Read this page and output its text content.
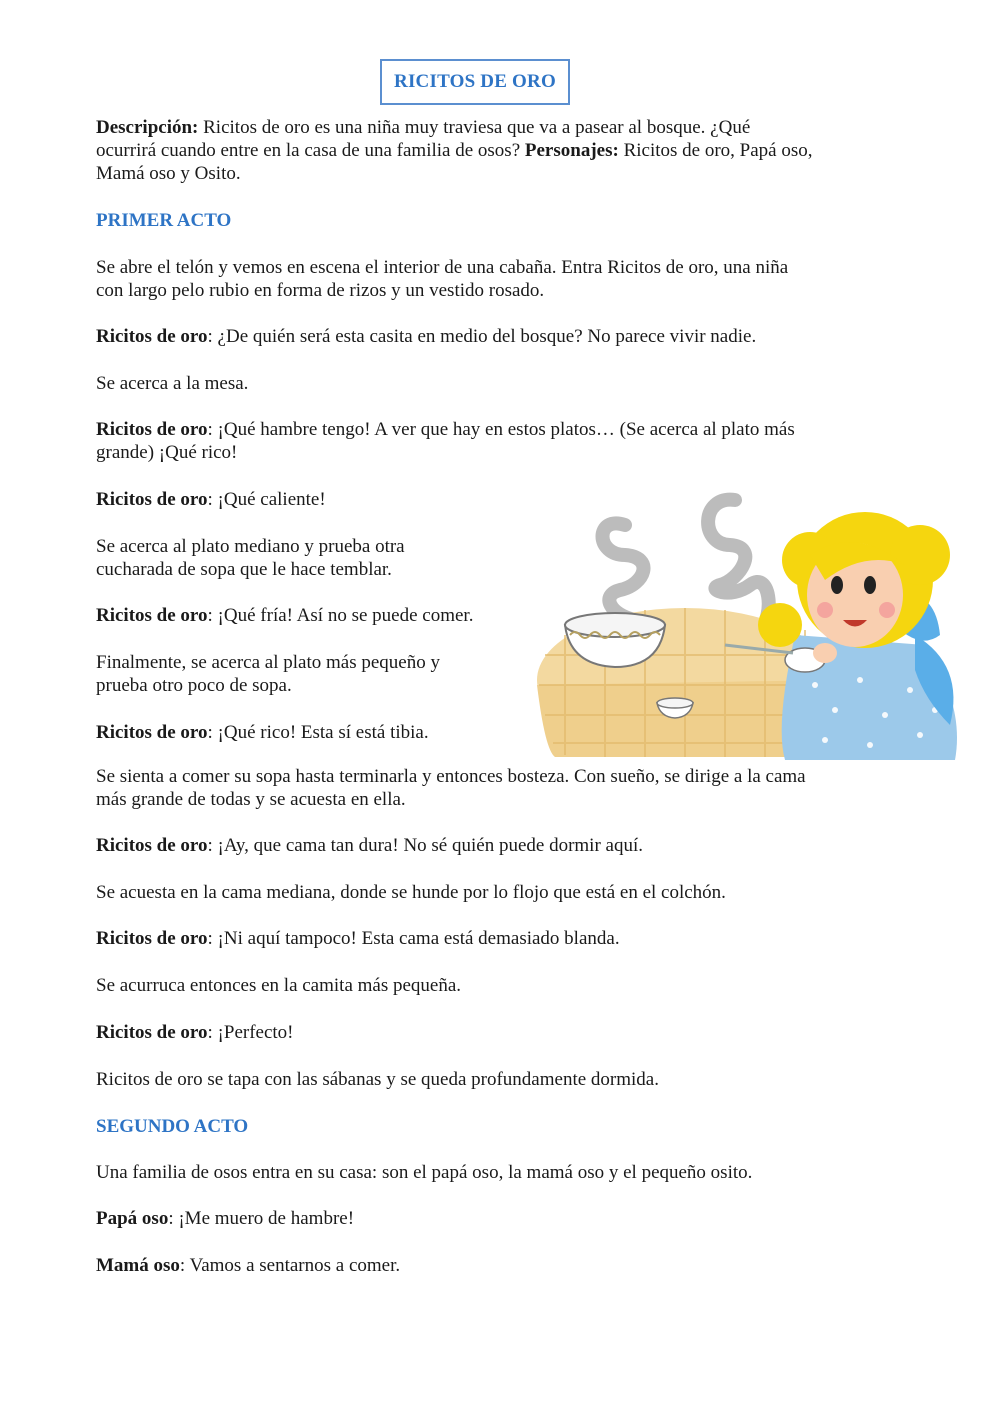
RICITOS DE ORO

Descripción: Ricitos de oro es una niña muy traviesa que va a pasear al bosque. ¿Qué

ocurrirá cuando entre en la casa de una familia de osos? Personajes: Ricitos de oro, Papá oso,

Mamá oso y Osito.

PRIMER ACTO

Se abre el telón y vemos en escena el interior de una cabaña. Entra Ricitos de oro, una niña

con largo pelo rubio en forma de rizos y un vestido rosado.

Ricitos de oro: ¿De quién será esta casita en medio del bosque? No parece vivir nadie.

Se acerca a la mesa.

Ricitos de oro: ¡Qué hambre tengo! A ver que hay en estos platos… (Se acerca al plato más

grande) ¡Qué rico!

Ricitos de oro: ¡Qué caliente!

Se acerca al plato mediano y prueba otra

cucharada de sopa que le hace temblar.

Ricitos de oro: ¡Qué fría! Así no se puede comer.

Finalmente, se acerca al plato más pequeño y

prueba otro poco de sopa.

Ricitos de oro: ¡Qué rico! Esta sí está tibia.

Se sienta a comer su sopa hasta terminarla y entonces bosteza. Con sueño, se dirige a la cama

más grande de todas y se acuesta en ella.

Ricitos de oro: ¡Ay, que cama tan dura! No sé quién puede dormir aquí.

Se acuesta en la cama mediana, donde se hunde por lo flojo que está en el colchón.

Ricitos de oro: ¡Ni aquí tampoco! Esta cama está demasiado blanda.

Se acurruca entonces en la camita más pequeña.

Ricitos de oro: ¡Perfecto!

Ricitos de oro se tapa con las sábanas y se queda profundamente dormida.

SEGUNDO ACTO

Una familia de osos entra en su casa: son el papá oso, la mamá oso y el pequeño osito.

Papá oso: ¡Me muero de hambre!

Mamá oso: Vamos a sentarnos a comer.
